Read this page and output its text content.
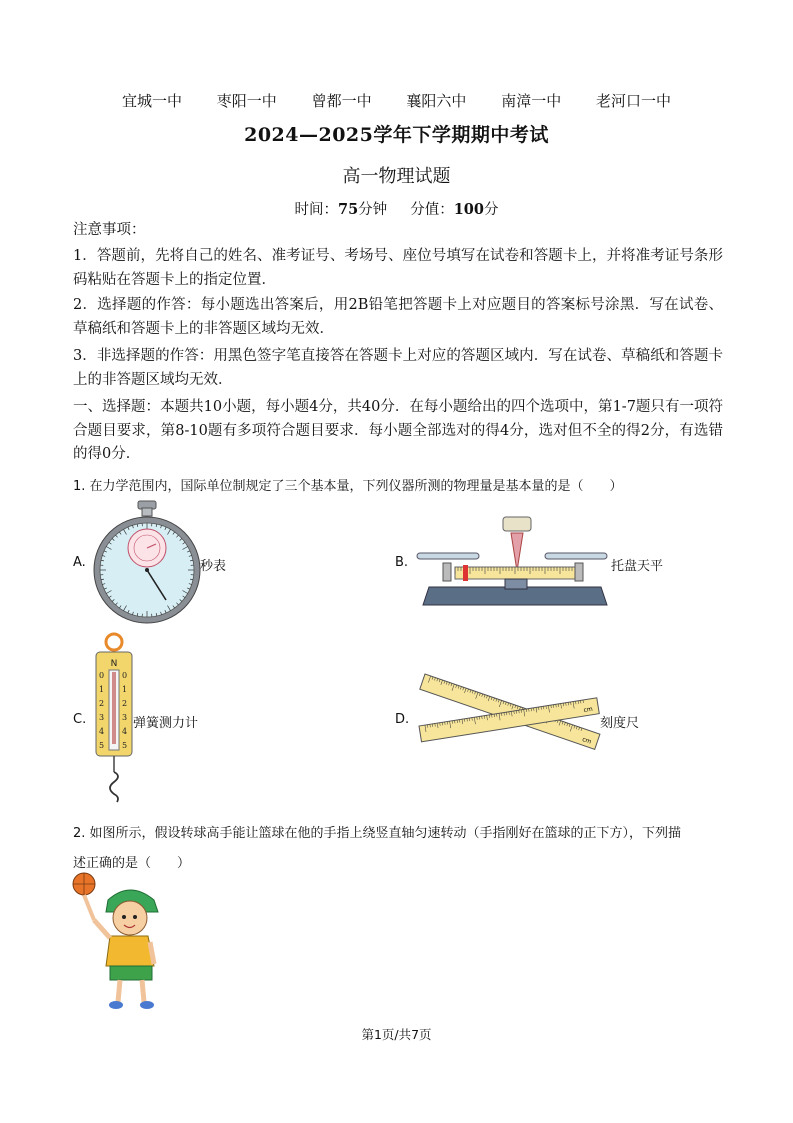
宜城一中 枣阳一中 曾都一中 襄阳六中 南漳一中 老河口一中
2024—2025学年下学期期中考试
高一物理试题
时间：75分钟 分值：100分
注意事项：
1．答题前，先将自己的姓名、准考证号、考场号、座位号填写在试卷和答题卡上，并将准考证号条形码粘贴在答题卡上的指定位置．
2．选择题的作答：每小题选出答案后，用2B铅笔把答题卡上对应题目的答案标号涂黑．写在试卷、草稿纸和答题卡上的非答题区域均无效．
3．非选择题的作答：用黑色签字笔直接答在答题卡上对应的答题区域内．写在试卷、草稿纸和答题卡上的非答题区域均无效．
一、选择题：本题共10小题，每小题4分，共40分．在每小题给出的四个选项中，第1-7题只有一项符合题目要求，第8-10题有多项符合题目要求．每小题全部选对的得4分，选对但不全的得2分，有选错的得0分．
1. 在力学范围内，国际单位制规定了三个基本量，下列仪器所测的物理量是基本量的是（　　）
A.	秒表	B.	托盘天平
C.
N
0 0
1 1
2 2
3 3
4 4
5 5
弹簧测力计	D.
cm
cm
刻度尺
2. 如图所示，假设转球高手能让篮球在他的手指上绕竖直轴匀速转动（手指刚好在篮球的正下方），下列描
述正确的是（　　）
第1页/共7页
